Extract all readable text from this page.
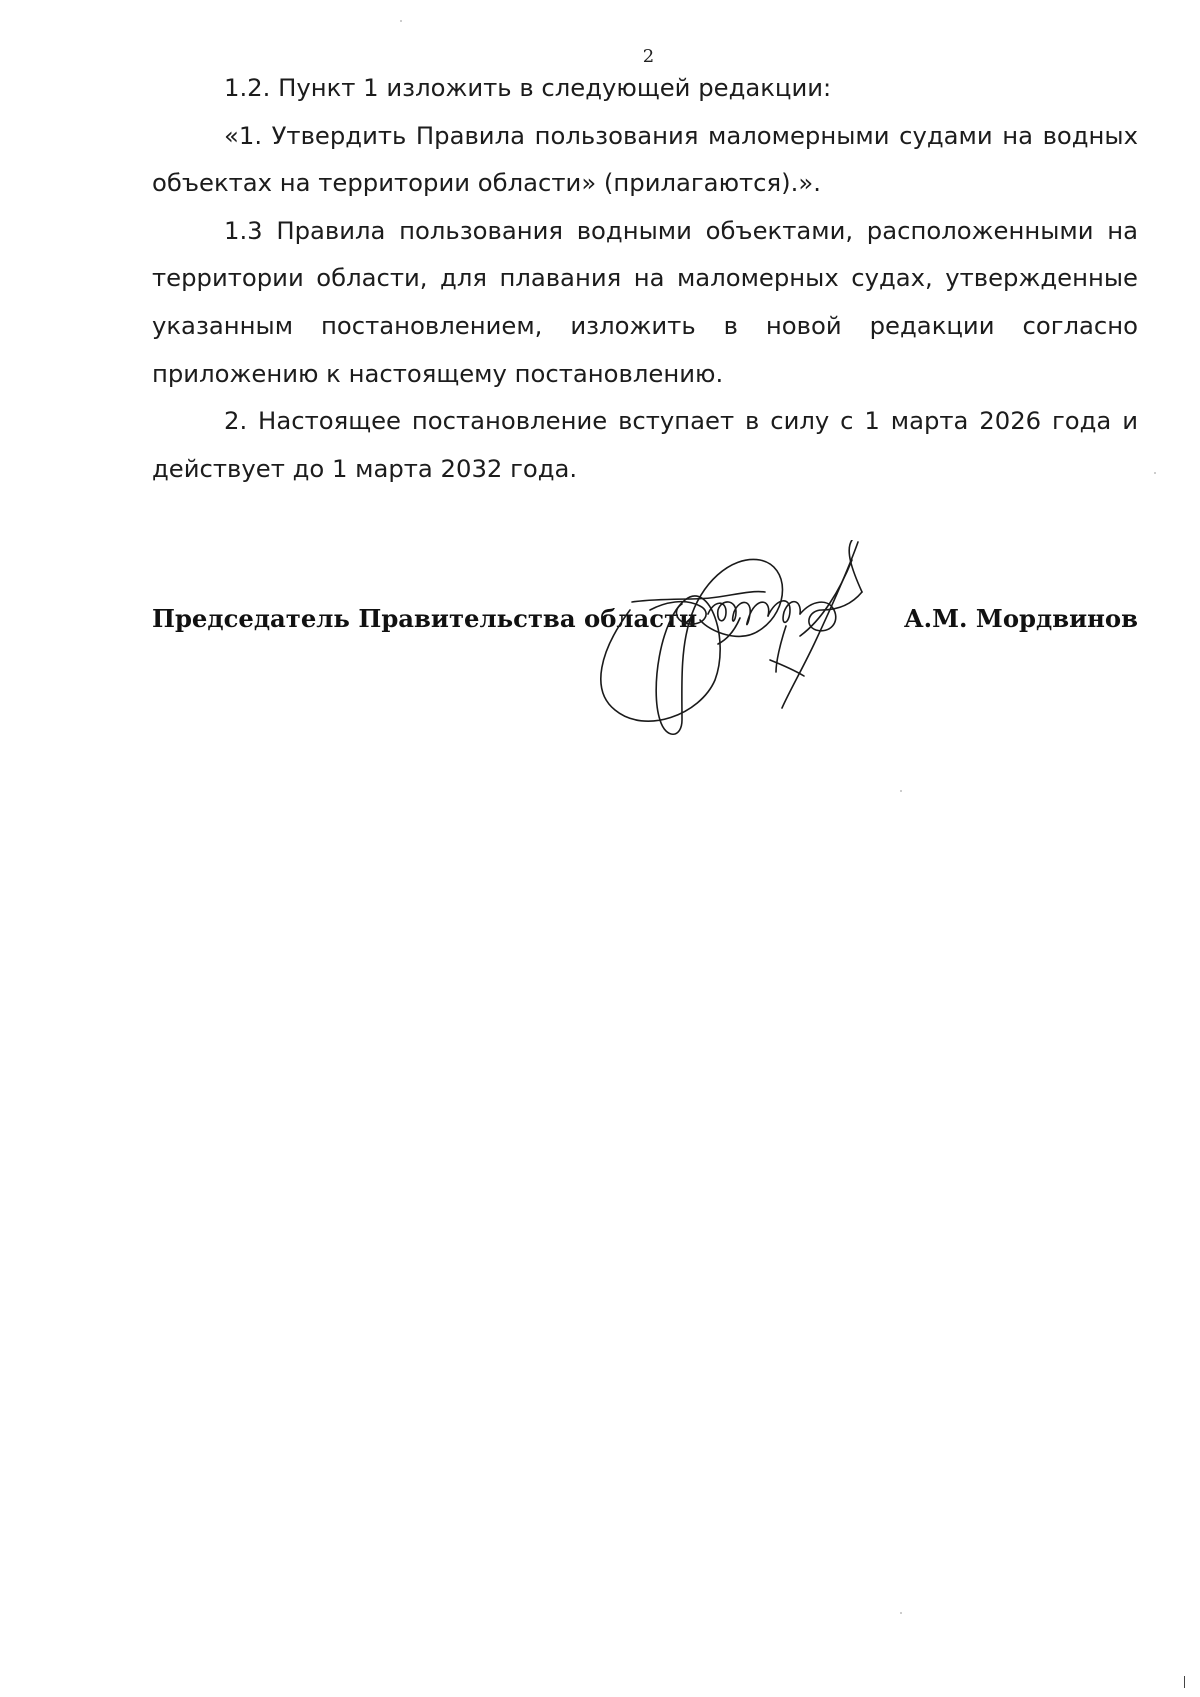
2

1.2. Пункт 1 изложить в следующей редакции:

«1. Утвердить Правила пользования маломерными судами на водных объектах на территории области» (прилагаются).».

1.3 Правила пользования водными объектами, расположенными на территории области, для плавания на маломерных судах, утвержденные указанным постановлением, изложить в новой редакции согласно приложению к настоящему постановлению.

2. Настоящее постановление вступает в силу с 1 марта 2026 года и действует до 1 марта 2032 года.

Председатель Правительства области	А.М. Мордвинов
